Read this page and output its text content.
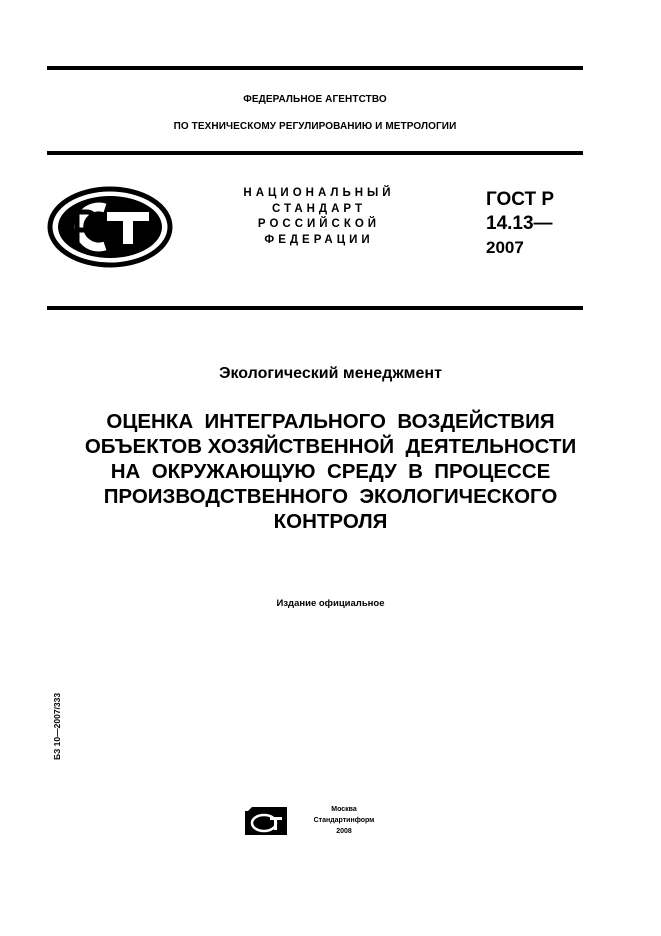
ФЕДЕРАЛЬНОЕ АГЕНТСТВО
ПО ТЕХНИЧЕСКОМУ РЕГУЛИРОВАНИЮ И МЕТРОЛОГИИ
НАЦИОНАЛЬНЫЙ
СТАНДАРТ
РОССИЙСКОЙ
ФЕДЕРАЦИИ
ГОСТ Р
14.13—
2007
Экологический менеджмент
ОЦЕНКА  ИНТЕГРАЛЬНОГО  ВОЗДЕЙСТВИЯ
ОБЪЕКТОВ ХОЗЯЙСТВЕННОЙ  ДЕЯТЕЛЬНОСТИ
НА  ОКРУЖАЮЩУЮ  СРЕДУ  В  ПРОЦЕССЕ
ПРОИЗВОДСТВЕННОГО  ЭКОЛОГИЧЕСКОГО
КОНТРОЛЯ
Издание официальное
БЗ 10—2007/333
Москва
Стандартинформ
2008
